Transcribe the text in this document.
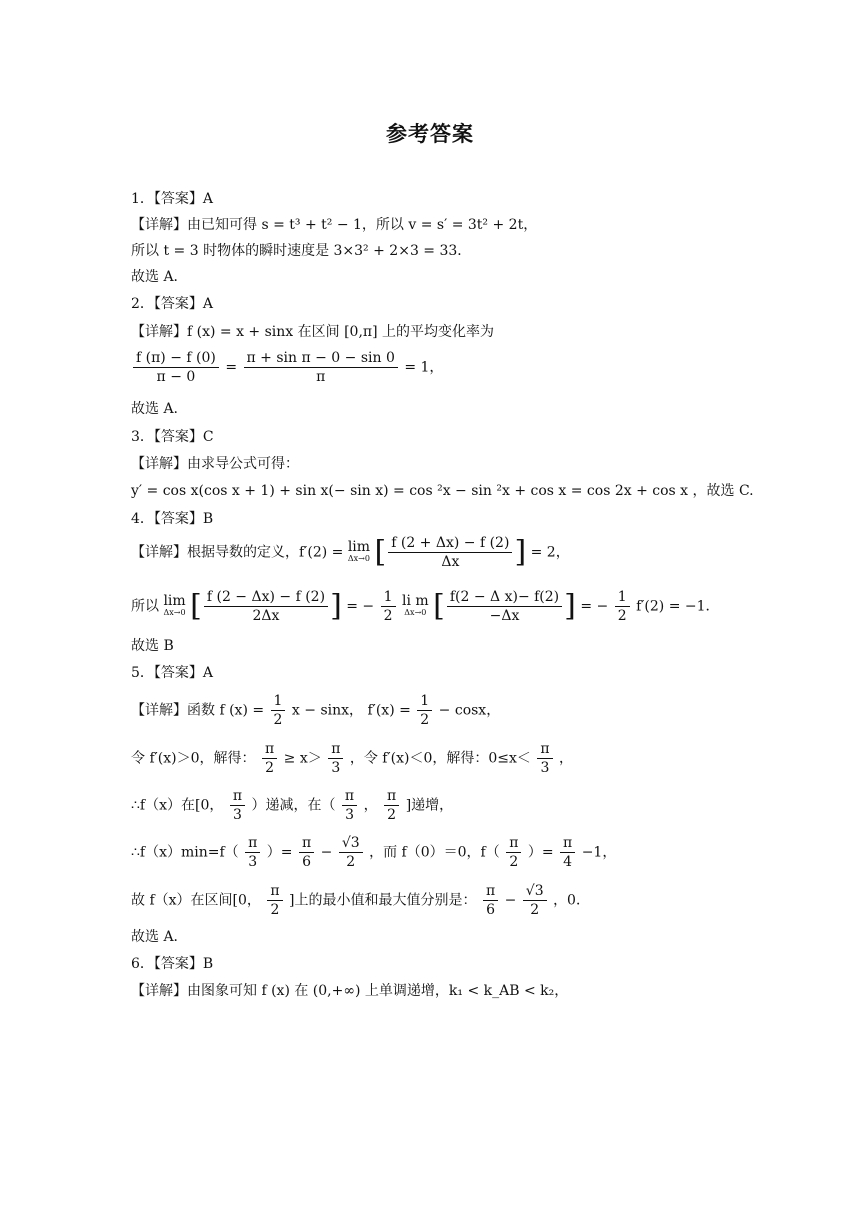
参考答案
1．【答案】A
【详解】由已知可得 s = t³ + t² − 1，所以 v = s′ = 3t² + 2t，
所以 t = 3 时物体的瞬时速度是 3×3² + 2×3 = 33．
故选 A．
2．【答案】A
【详解】f (x) = x + sinx 在区间 [0,π] 上的平均变化率为
$\frac{f (\pi) - f (0)}{\pi - 0} = \frac{\text{π + sin π − 0 − sin 0}}{\pi} = 1$，
故选 A.
3．【答案】C
【详解】由求导公式可得：
y′ = cos x(cos x + 1) + sin x(− sin x) = cos ²x − sin ²x + cos x = cos 2x + cos x ，故选 C.
4．【答案】B
【详解】根据导数的定义，f′(2) = lim
Δx→0 [ $\frac{f (2 + \Delta x) - f (2)}{\Delta x}$ ] = 2，
所以 lim
Δx→0 [ $\frac{f (2 - \Delta x) - f (2)}{2\Delta x}$ ] = − $\frac{1}{2}$
li m
Δx→0 [ $\frac{\text{f(2 − Δ x)− f(2)}}{-\Delta x}$ ] = − $\frac{1}{2} f'(2) = -1$．
故选 B
5．【答案】A
【详解】函数 f $(x) = \frac{1}{2}$ x − sinx， $f'(x) = \frac{1}{2} - \cos x$，
令 f′(x)＞0，解得： $\frac{\pi}{2} \ge x> \frac{\pi}{3}$ ，令 f′(x)＜0，解得：$0\le x< \frac{\pi}{3}$ ，
∴f（x）在[0， $\frac{\pi}{3}$ ）递减，在（ $\frac{\pi}{3}$ ， $\frac{\pi}{2}$ ]递增，
∴f（x）min=f（ $\frac{\pi}{3}$ ）= $\frac{\pi}{6} - \frac{√3}{2}$ ，而 f（0）＝0，$f( \frac{\pi}{2}$ ）= $\frac{\pi}{4} -1$，
故 f（x）在区间[0， $\frac{\pi}{2}$ ]上的最小值和最大值分别是： $\frac{\pi}{6} - \frac{√3}{2}$ ，0．
故选 A．
6．【答案】B
【详解】由图象可知 f (x) 在 (0,+∞) 上单调递增，k₁ < k_AB < k₂，
